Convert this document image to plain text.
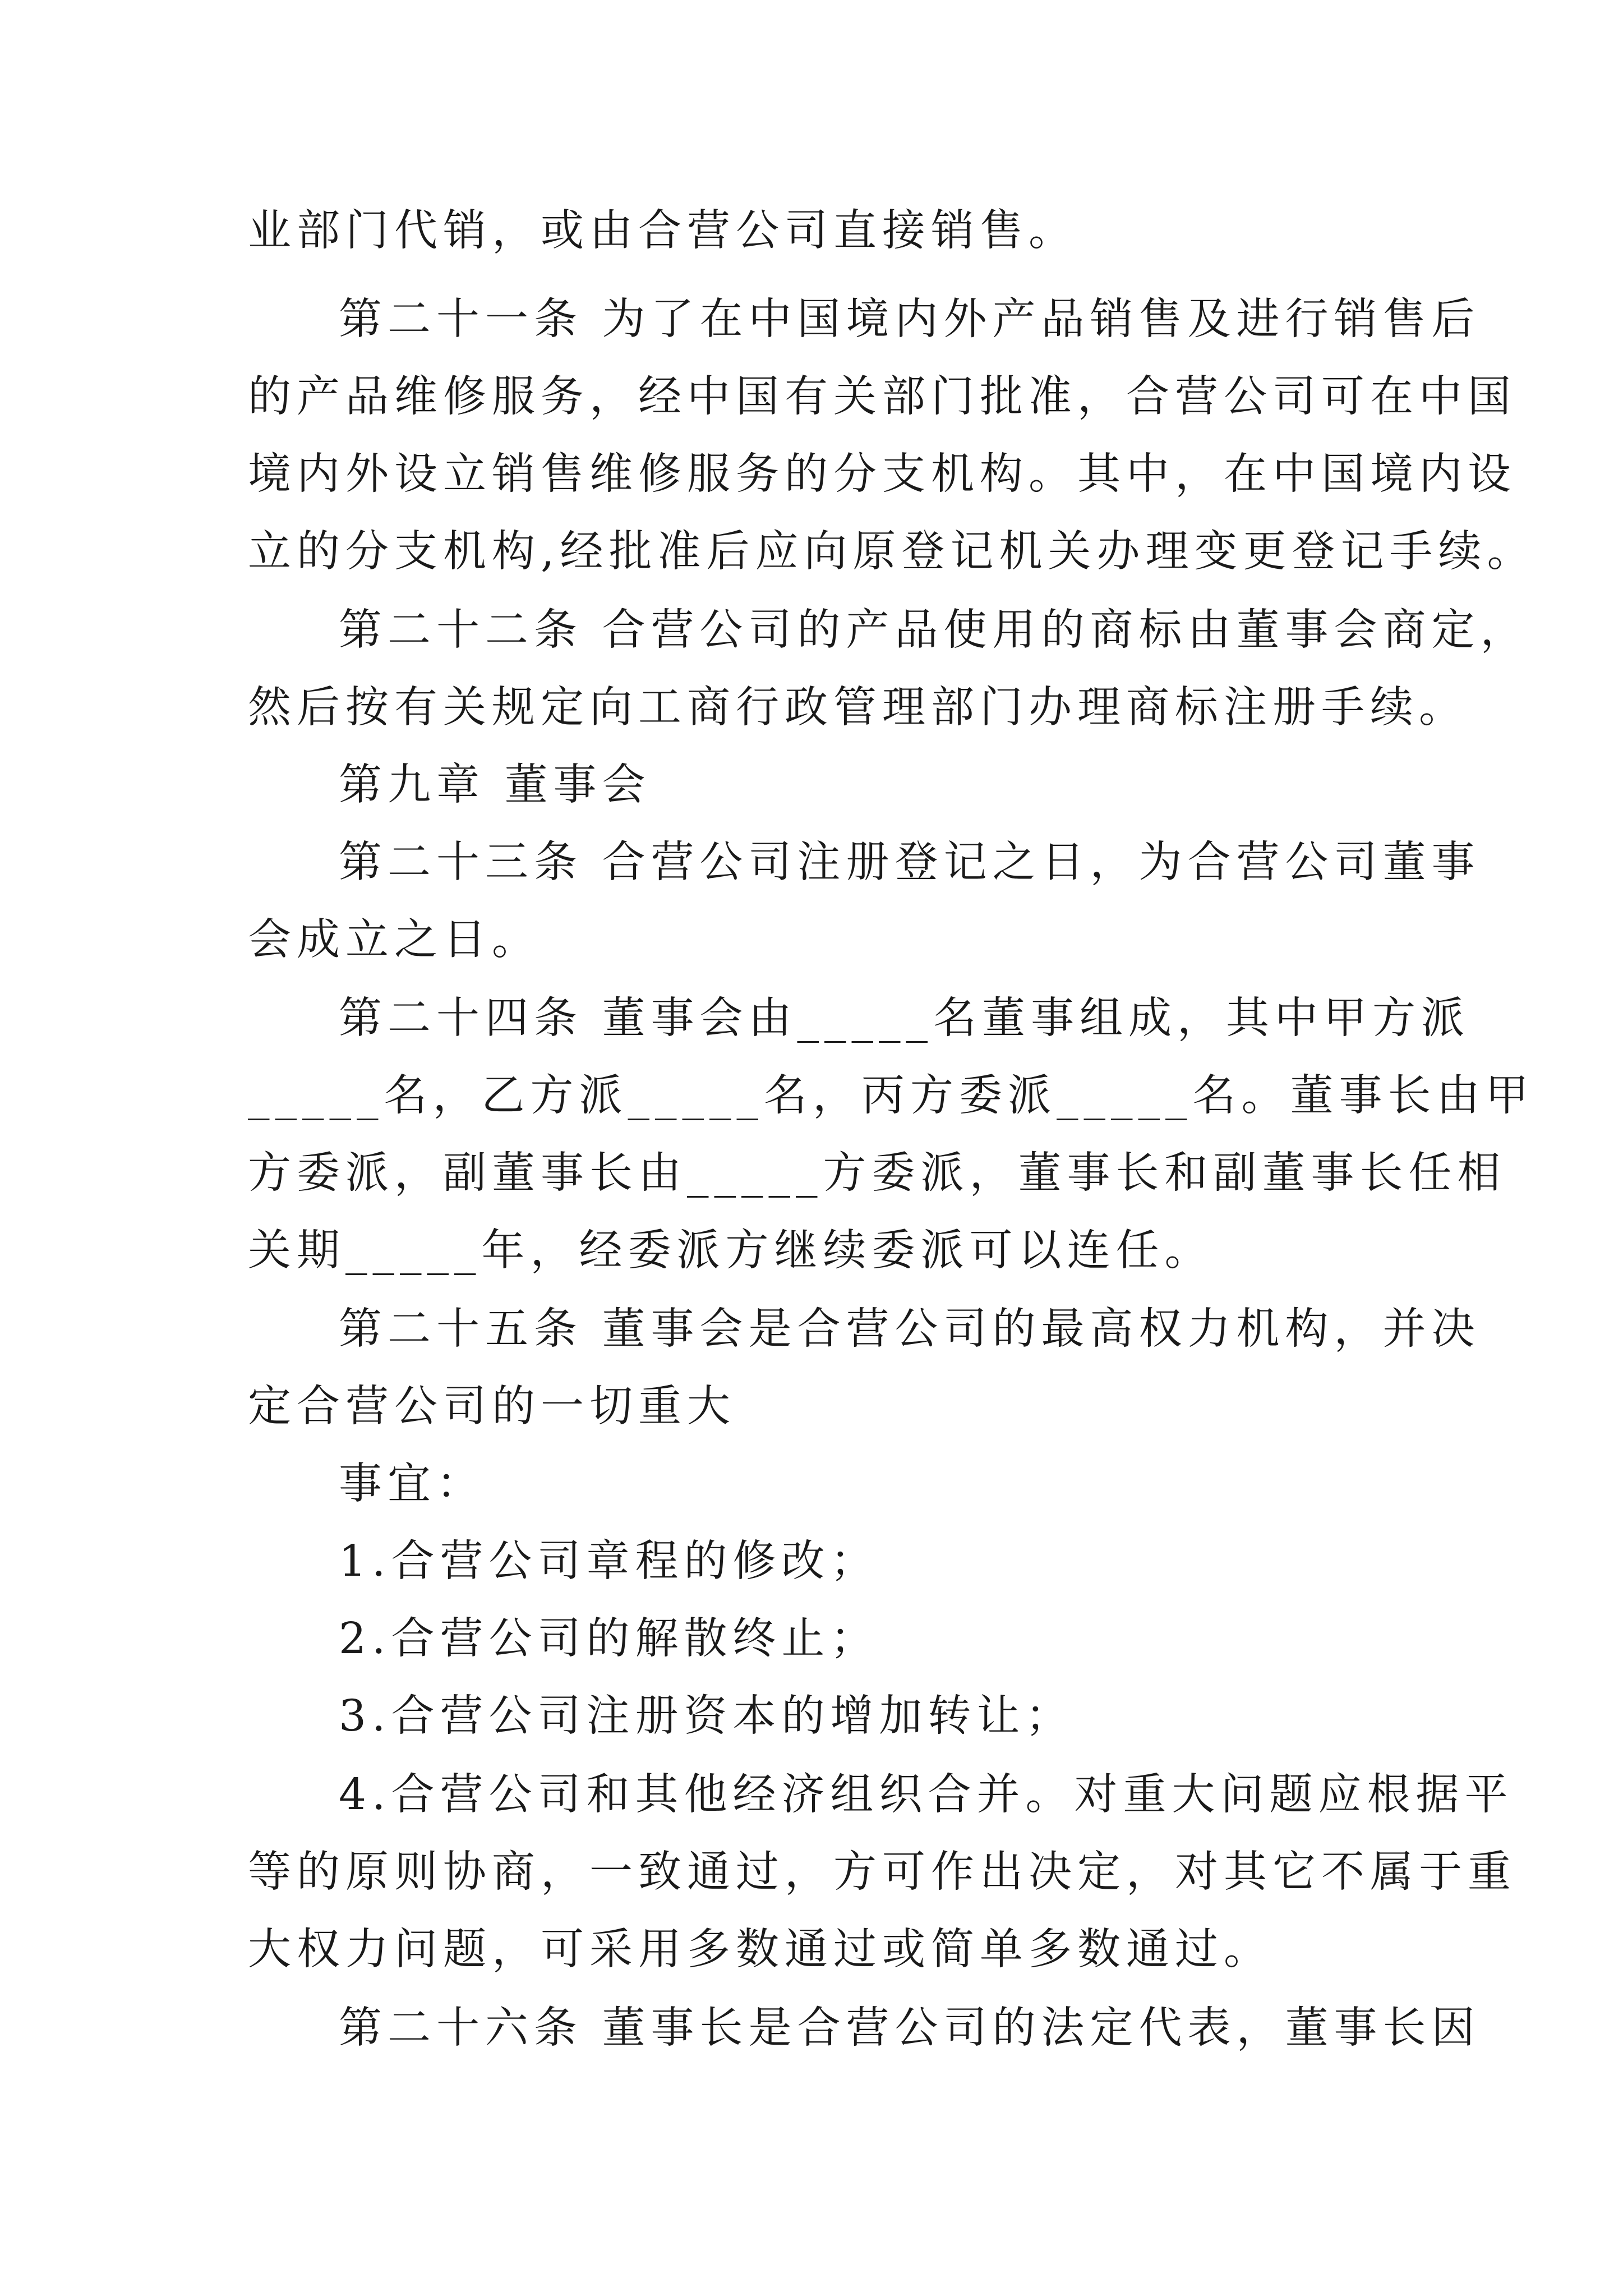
业部门代销，或由合营公司直接销售。
第二十一条 为了在中国境内外产品销售及进行销售后
的产品维修服务，经中国有关部门批准，合营公司可在中国
境内外设立销售维修服务的分支机构。其中，在中国境内设
立的分支机构,经批准后应向原登记机关办理变更登记手续。
第二十二条 合营公司的产品使用的商标由董事会商定，
然后按有关规定向工商行政管理部门办理商标注册手续。
第九章 董事会
第二十三条 合营公司注册登记之日，为合营公司董事
会成立之日。
第二十四条 董事会由_____名董事组成，其中甲方派
_____名，乙方派_____名，丙方委派_____名。董事长由甲
方委派，副董事长由_____方委派，董事长和副董事长任相
关期_____年，经委派方继续委派可以连任。
第二十五条 董事会是合营公司的最高权力机构，并决
定合营公司的一切重大
事宜：
1.合营公司章程的修改；
2.合营公司的解散终止；
3.合营公司注册资本的增加转让；
4.合营公司和其他经济组织合并。对重大问题应根据平
等的原则协商，一致通过，方可作出决定，对其它不属于重
大权力问题，可采用多数通过或简单多数通过。
第二十六条 董事长是合营公司的法定代表，董事长因
